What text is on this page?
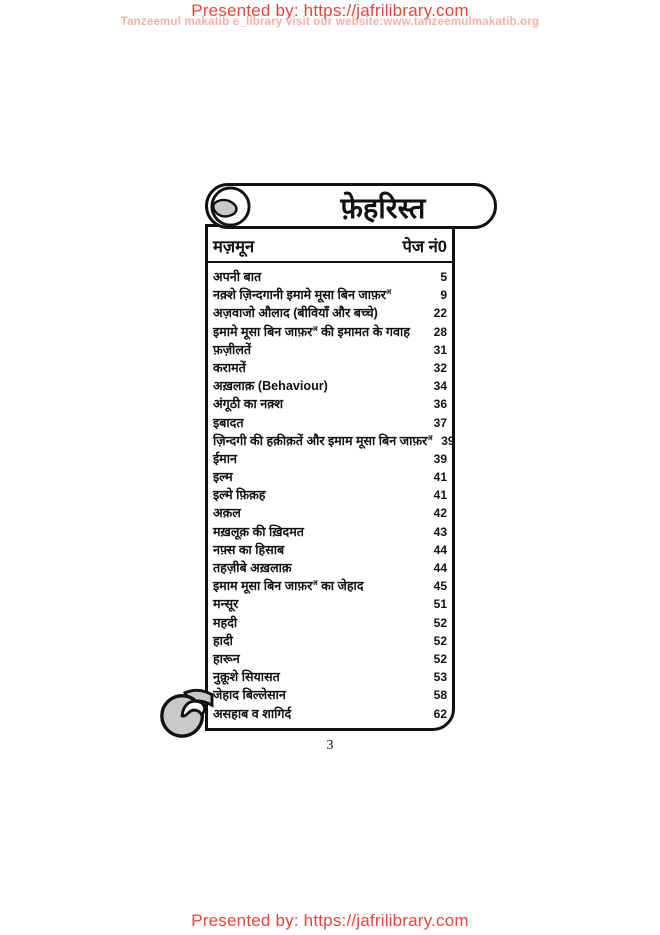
Presented by: https://jafrilibrary.com
Tanzeemul makatib e_library visit our website:www.tanzeemulmakatib.org
फ़ेहरिस्त
मज़मून	पेज नं0
अपनी बात	5
नक़्शे ज़िन्दगानी इमामे मूसा बिन जाफ़र$^अ$	9
अज़वाजो औलाद (बीवियाँ और बच्चे)	22
इमामे मूसा बिन जाफ़र$^अ$ की इमामत के गवाह	28
फ़ज़ीलतें	31
करामतें	32
अख़लाक़ (Behaviour)	34
अंगूठी का नक़्श	36
इबादत	37
ज़िन्दगी की हक़ीक़तें और इमाम मूसा बिन जाफ़र$^अ$ 39
ईमान	39
इल्म	41
इल्मे फ़िक़ह	41
अक़ल	42
मख़लूक़ की ख़िदमत	43
नफ़्स का हिसाब	44
तहज़ीबे अख़लाक़	44
इमाम मूसा बिन जाफ़र$^अ$ का जेहाद	45
मन्सूर	51
महदी	52
हादी	52
हारून	52
नुक़ूशे सियासत	53
जेहाद बिल्लेसान	58
असहाब व शागिर्द	62
3
Presented by: https://jafrilibrary.com
